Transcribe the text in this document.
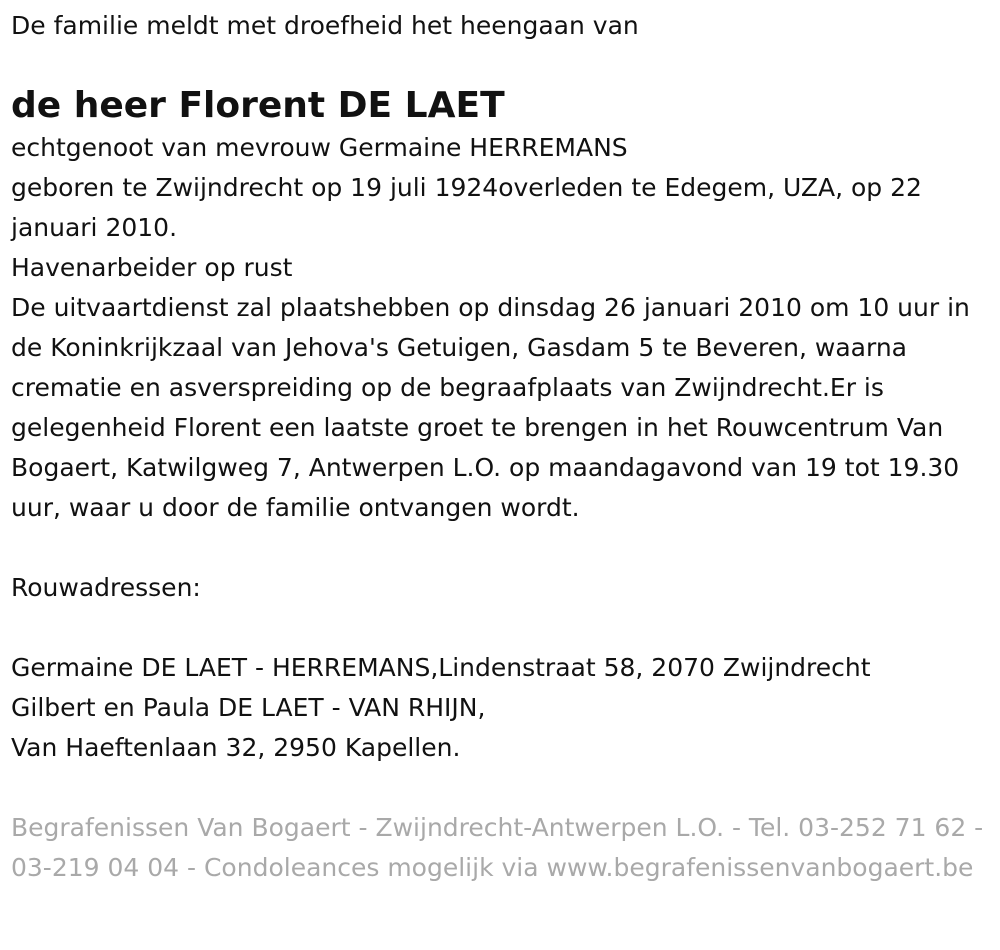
De familie meldt met droefheid het heengaan van
de heer Florent DE LAET
echtgenoot van mevrouw Germaine HERREMANS
geboren te Zwijndrecht op 19 juli 1924overleden te Edegem, UZA, op 22 januari 2010.
Havenarbeider op rust
De uitvaartdienst zal plaatshebben op dinsdag 26 januari 2010 om 10 uur in de Koninkrijkzaal van Jehova's Getuigen, Gasdam 5 te Beveren, waarna crematie en asverspreiding op de begraafplaats van Zwijndrecht.Er is gelegenheid Florent een laatste groet te brengen in het Rouwcentrum Van Bogaert, Katwilgweg 7, Antwerpen L.O. op maandagavond van 19 tot 19.30 uur, waar u door de familie ontvangen wordt.
Rouwadressen:
Germaine DE LAET - HERREMANS,Lindenstraat 58, 2070 Zwijndrecht
Gilbert en Paula DE LAET - VAN RHIJN,
Van Haeftenlaan 32, 2950 Kapellen.
Begrafenissen Van Bogaert - Zwijndrecht-Antwerpen L.O. - Tel. 03-252 71 62 - 03-219 04 04 - Condoleances mogelijk via www.begrafenissenvanbogaert.be
